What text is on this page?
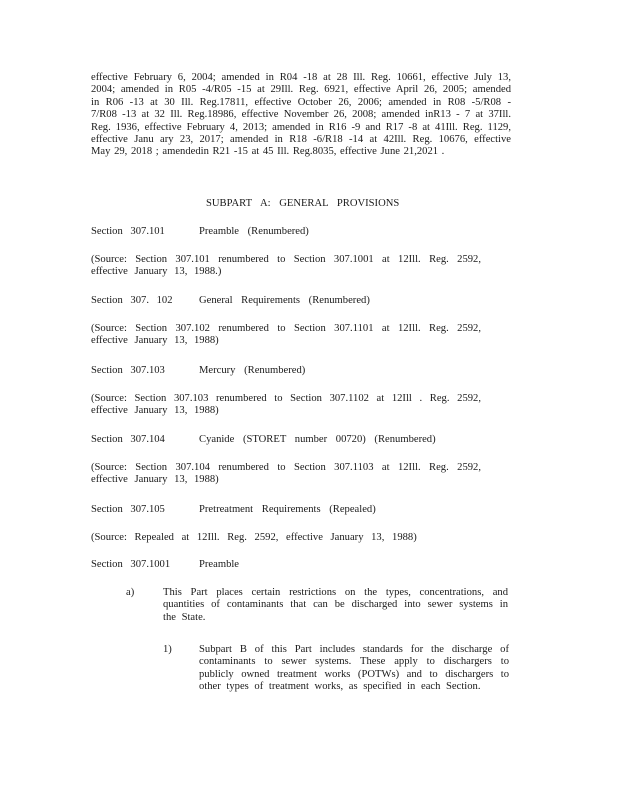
effective February 6, 2004; amended in R04 -18 at 28 Ill. Reg. 10661, effective July 13,
2004; amended in R05 -4/R05 -15 at 29Ill. Reg. 6921, effective April 26, 2005; amended
in R06 -13 at 30 Ill. Reg.17811, effective October 26, 2006; amended in R08 -5/R08 -
7/R08 -13 at 32 Ill. Reg.18986, effective November 26, 2008; amended inR13 - 7 at 37Ill.
Reg. 1936, effective February 4, 2013; amended in R16 -9 and R17 -8 at 41Ill. Reg. 1129,
effective Janu ary 23, 2017; amended in R18 -6/R18 -14 at 42Ill. Reg. 10676, effective
May 29, 2018 ; amendedin R21 -15 at 45 Ill. Reg.8035, effective June 21,2021 .
SUBPART A: GENERAL PROVISIONS
Section 307.101	Preamble (Renumbered)
(Source: Section 307.101 renumbered to Section 307.1001 at 12Ill. Reg. 2592,
effective January 13, 1988.)
Section 307. 102 General Requirements (Renumbered)
(Source: Section 307.102 renumbered to Section 307.1101 at 12Ill. Reg. 2592,
effective January 13, 1988)
Section 307.103	Mercury (Renumbered)
(Source: Section 307.103 renumbered to Section 307.1102 at 12Ill . Reg. 2592,
effective January 13, 1988)
Section 307.104	Cyanide (STORET number 00720) (Renumbered)
(Source: Section 307.104 renumbered to Section 307.1103 at 12Ill. Reg. 2592,
effective January 13, 1988)
Section 307.105	Pretreatment Requirements (Repealed)
(Source: Repealed at 12Ill. Reg. 2592, effective January 13, 1988)
Section 307.1001	Preamble
a)	This Part places certain restrictions on the types, concentrations, and quantities of contaminants that can be discharged into sewer systems in the State.
1)	Subpart B of this Part includes standards for the discharge of contaminants to sewer systems. These apply to dischargers to publicly owned treatment works (POTWs) and to dischargers to other types of treatment works, as specified in each Section.
